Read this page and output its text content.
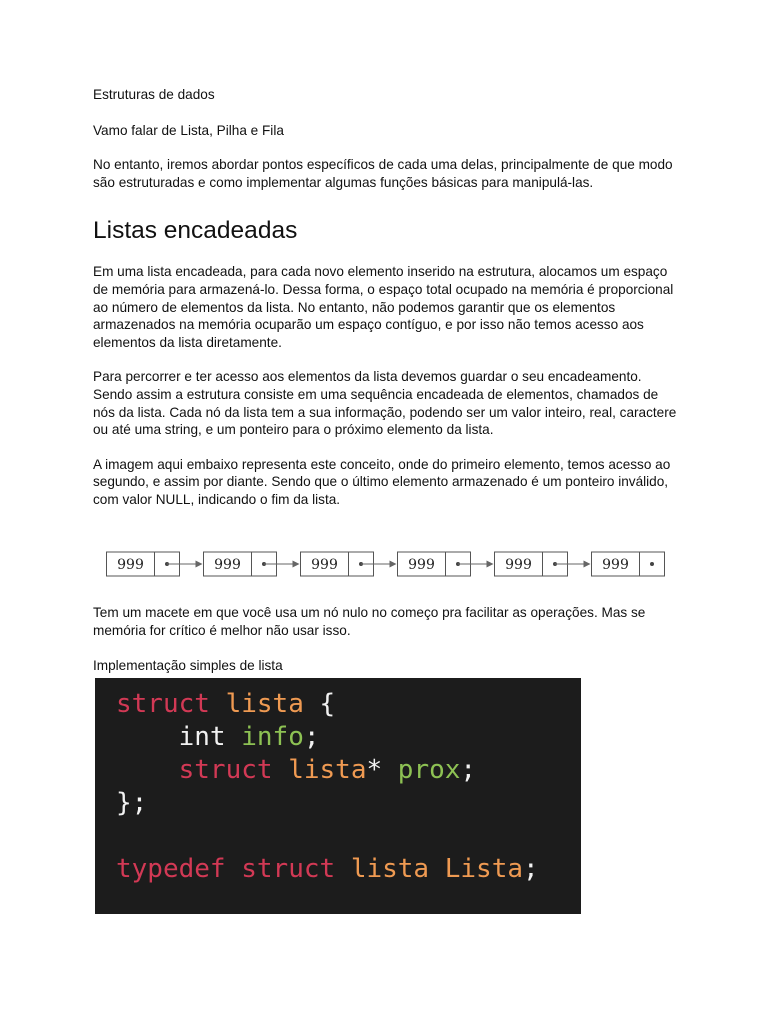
Estruturas de dados

Vamo falar de Lista, Pilha e Fila

No entanto, iremos abordar pontos específicos de cada uma delas, principalmente de que modo são estruturadas e como implementar algumas funções básicas para manipulá-las.

Listas encadeadas

Em uma lista encadeada, para cada novo elemento inserido na estrutura, alocamos um espaço de memória para armazená-lo. Dessa forma, o espaço total ocupado na memória é proporcional ao número de elementos da lista. No entanto, não podemos garantir que os elementos armazenados na memória ocuparão um espaço contíguo, e por isso não temos acesso aos elementos da lista diretamente.

Para percorrer e ter acesso aos elementos da lista devemos guardar o seu encadeamento. Sendo assim a estrutura consiste em uma sequência encadeada de elementos, chamados de nós da lista. Cada nó da lista tem a sua informação, podendo ser um valor inteiro, real, caractere ou até uma string, e um ponteiro para o próximo elemento da lista.

A imagem aqui embaixo representa este conceito, onde do primeiro elemento, temos acesso ao segundo, e assim por diante. Sendo que o último elemento armazenado é um ponteiro inválido, com valor NULL, indicando o fim da lista.

999	999	999	999	999	999

Tem um macete em que você usa um nó nulo no começo pra facilitar as operações. Mas se memória for crítico é melhor não usar isso.

Implementação simples de lista

struct lista {
int info;
struct lista* prox;
};

typedef struct lista Lista;
